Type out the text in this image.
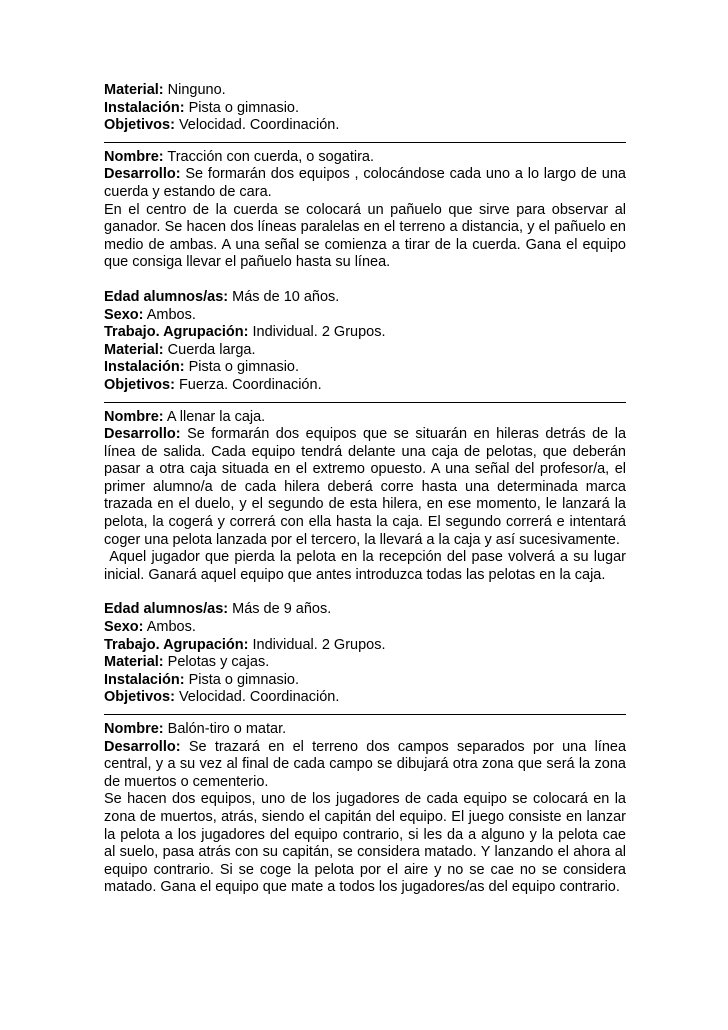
Material: Ninguno.
Instalación: Pista o gimnasio.
Objetivos: Velocidad. Coordinación.
Nombre: Tracción con cuerda, o sogatira.
Desarrollo: Se formarán dos equipos , colocándose cada uno a lo largo de una cuerda y estando de cara.
En el centro de la cuerda se colocará un pañuelo que sirve para observar al ganador. Se hacen dos líneas paralelas en el terreno a distancia, y el pañuelo en medio de ambas. A una señal se comienza a tirar de la cuerda. Gana el equipo que consiga llevar el pañuelo hasta su línea.
Edad alumnos/as: Más de 10 años.
Sexo: Ambos.
Trabajo. Agrupación: Individual. 2 Grupos.
Material: Cuerda larga.
Instalación: Pista o gimnasio.
Objetivos: Fuerza. Coordinación.
Nombre: A llenar la caja.
Desarrollo: Se formarán dos equipos que se situarán en hileras detrás de la línea de salida. Cada equipo tendrá delante una caja de pelotas, que deberán pasar a otra caja situada en el extremo opuesto. A una señal del profesor/a, el primer alumno/a de cada hilera deberá corre hasta una determinada marca trazada en el duelo, y el segundo de esta hilera, en ese momento, le lanzará la pelota, la cogerá y correrá con ella hasta la caja. El segundo correrá e intentará coger una pelota lanzada por el tercero, la llevará a la caja y así sucesivamente.
Aquel jugador que pierda la pelota en la recepción del pase volverá a su lugar inicial. Ganará aquel equipo que antes introduzca todas las pelotas en la caja.
Edad alumnos/as: Más de 9 años.
Sexo: Ambos.
Trabajo. Agrupación: Individual. 2 Grupos.
Material: Pelotas y cajas.
Instalación: Pista o gimnasio.
Objetivos: Velocidad. Coordinación.
Nombre: Balón-tiro o matar.
Desarrollo: Se trazará en el terreno dos campos separados por una línea central, y a su vez al final de cada campo se dibujará otra zona que será la zona de muertos o cementerio.
Se hacen dos equipos, uno de los jugadores de cada equipo se colocará en la zona de muertos, atrás, siendo el capitán del equipo. El juego consiste en lanzar la pelota a los jugadores del equipo contrario, si les da a alguno y la pelota cae al suelo, pasa atrás con su capitán, se considera matado. Y lanzando el ahora al equipo contrario. Si se coge la pelota por el aire y no se cae no se considera matado. Gana el equipo que mate a todos los jugadores/as del equipo contrario.
